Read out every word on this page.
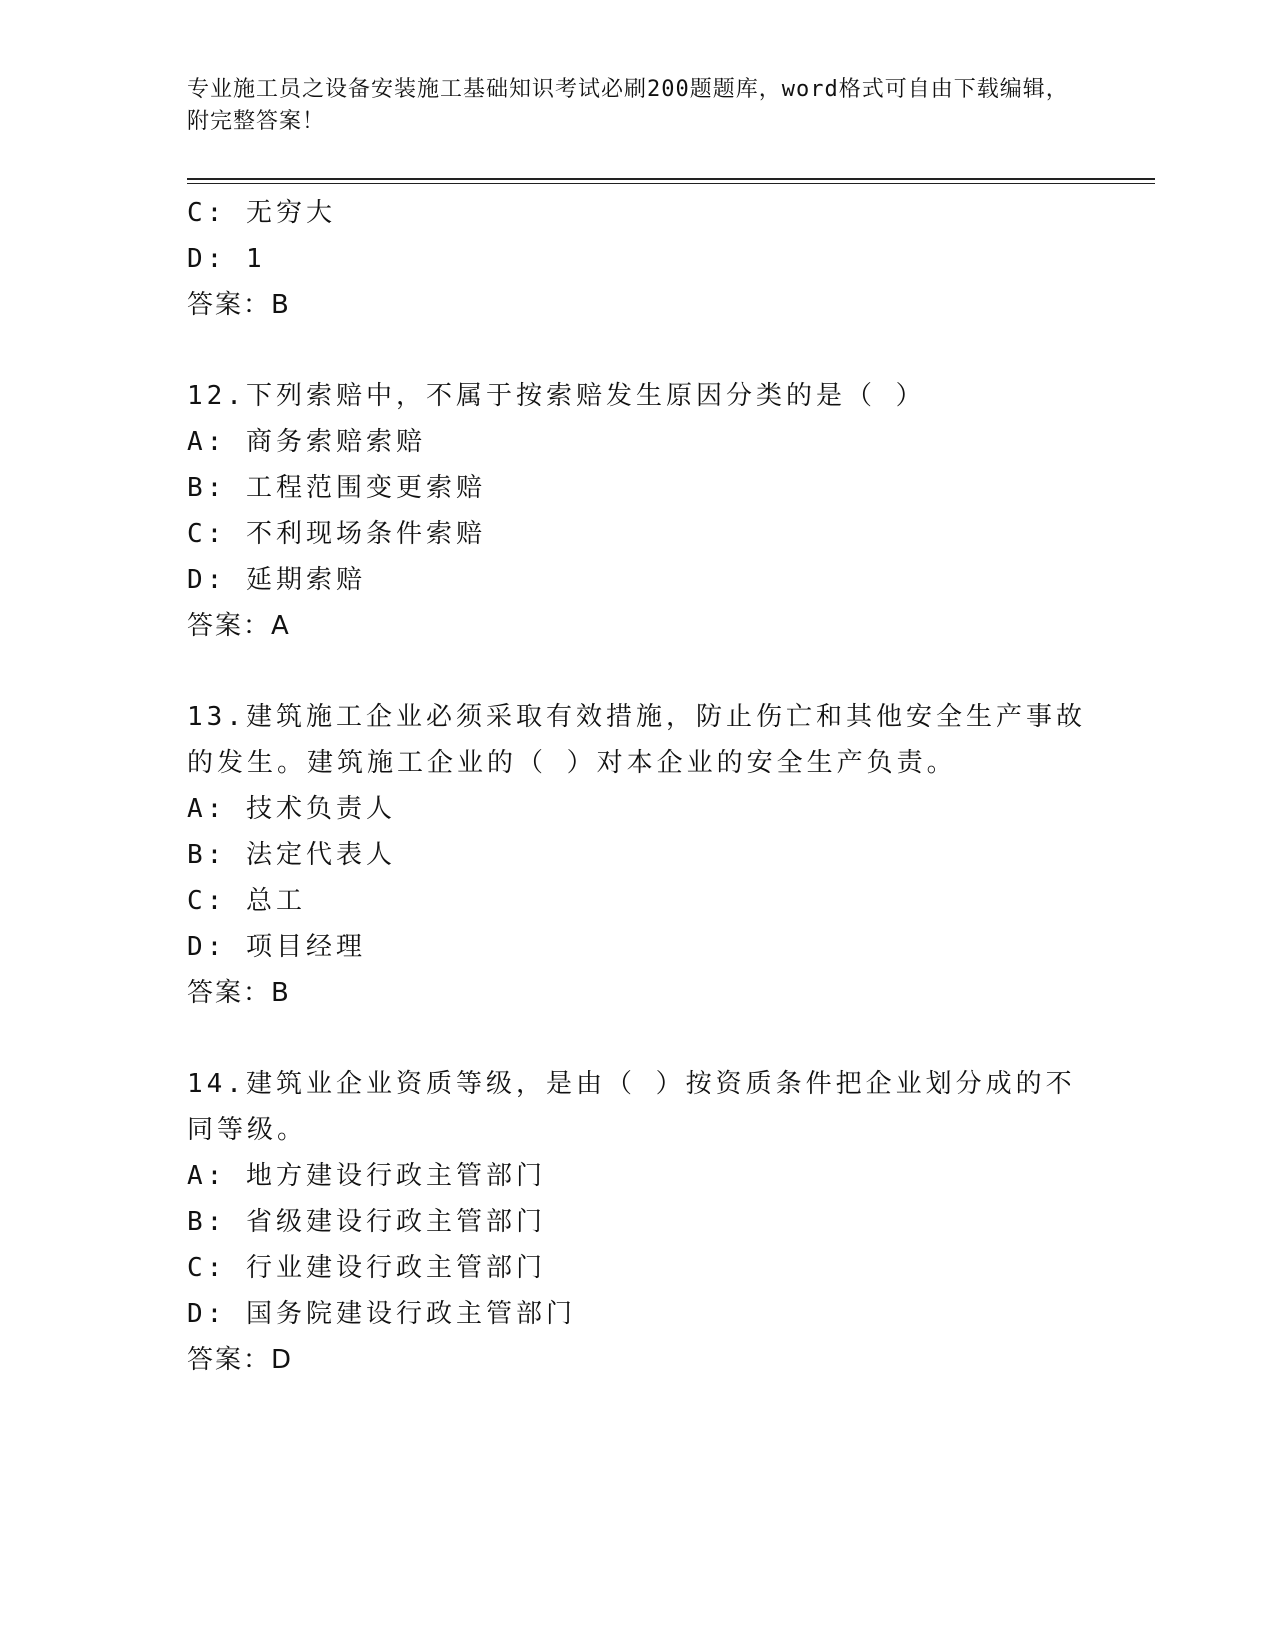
专业施工员之设备安装施工基础知识考试必刷200题题库，word格式可自由下载编辑，附完整答案！
C: 无穷大
D: 1
答案：B
12.下列索赔中，不属于按索赔发生原因分类的是（ ）
A: 商务索赔索赔
B: 工程范围变更索赔
C: 不利现场条件索赔
D: 延期索赔
答案：A
13.建筑施工企业必须采取有效措施，防止伤亡和其他安全生产事故的发生。建筑施工企业的（ ）对本企业的安全生产负责。
A: 技术负责人
B: 法定代表人
C: 总工
D: 项目经理
答案：B
14.建筑业企业资质等级，是由（ ）按资质条件把企业划分成的不同等级。
A: 地方建设行政主管部门
B: 省级建设行政主管部门
C: 行业建设行政主管部门
D: 国务院建设行政主管部门
答案：D
